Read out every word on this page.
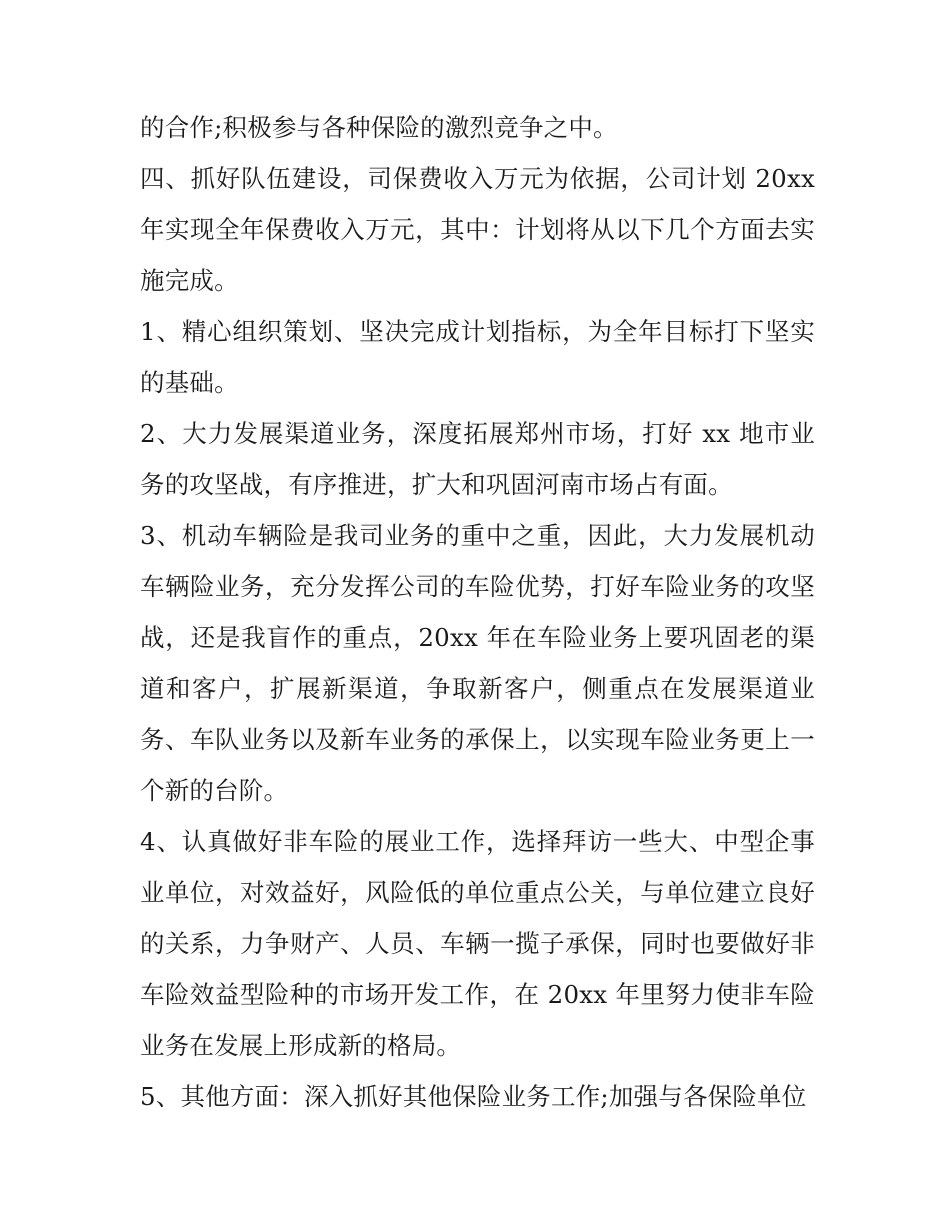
的合作;积极参与各种保险的激烈竞争之中。

四、抓好队伍建设，司保费收入万元为依据，公司计划 20xx 年实现全年保费收入万元，其中：计划将从以下几个方面去实施完成。

1、精心组织策划、坚决完成计划指标，为全年目标打下坚实的基础。

2、大力发展渠道业务，深度拓展郑州市场，打好 xx 地市业务的攻坚战，有序推进，扩大和巩固河南市场占有面。

3、机动车辆险是我司业务的重中之重，因此，大力发展机动车辆险业务，充分发挥公司的车险优势，打好车险业务的攻坚战，还是我盲作的重点，20xx 年在车险业务上要巩固老的渠道和客户，扩展新渠道，争取新客户，侧重点在发展渠道业务、车队业务以及新车业务的承保上，以实现车险业务更上一个新的台阶。

4、认真做好非车险的展业工作，选择拜访一些大、中型企事业单位，对效益好，风险低的单位重点公关，与单位建立良好的关系，力争财产、人员、车辆一揽子承保，同时也要做好非车险效益型险种的市场开发工作，在 20xx 年里努力使非车险业务在发展上形成新的格局。

5、其他方面：深入抓好其他保险业务工作;加强与各保险单位
